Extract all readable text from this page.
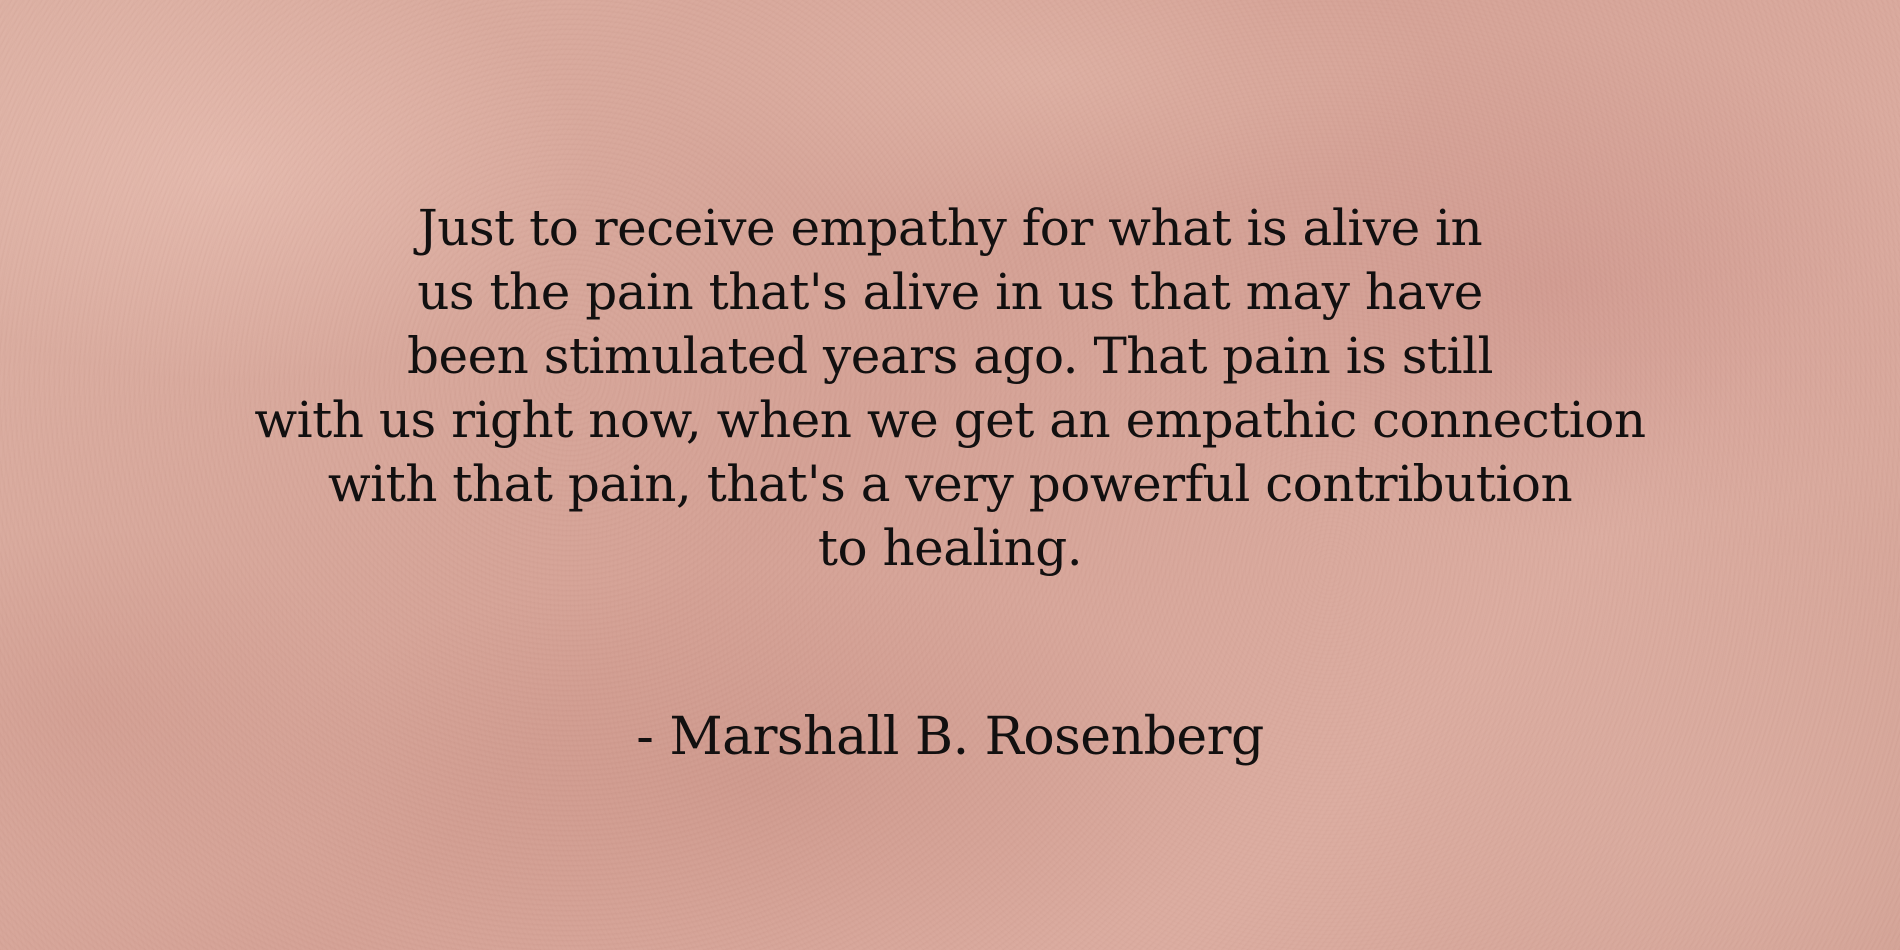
Just to receive empathy for what is alive in
us the pain that's alive in us that may have
been stimulated years ago. That pain is still
with us right now, when we get an empathic connection
with that pain, that's a very powerful contribution
to healing.
- Marshall B. Rosenberg
